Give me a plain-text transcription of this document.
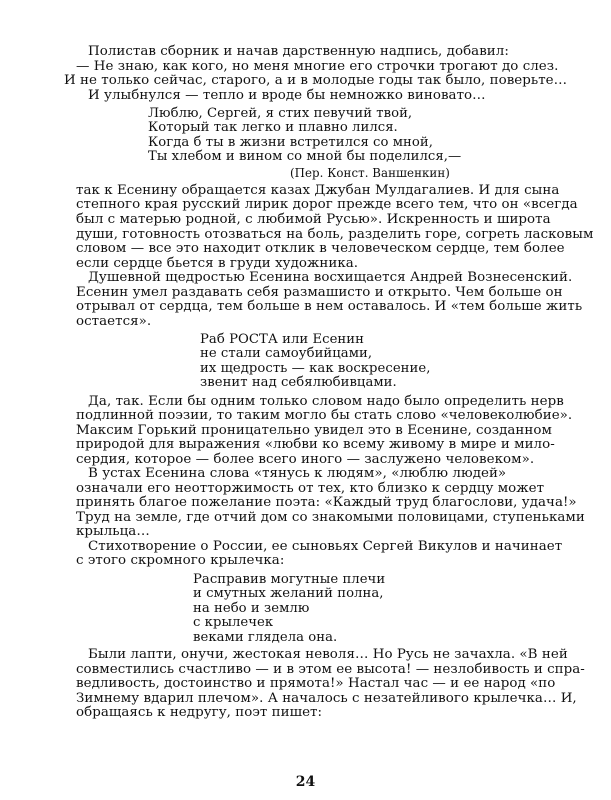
Полистав сборник и начав дарственную надпись, добавил:
— Не знаю, как кого, но меня многие его строчки трогают до слез.
И не только сейчас, старого, а и в молодые годы так было, поверьте…
И улыбнулся — тепло и вроде бы немножко виновато…
Люблю, Сергей, я стих певучий твой,
Который так легко и плавно лился.
Когда б ты в жизни встретился со мной,
Ты хлебом и вином со мной бы поделился,—
(Пер. Конст. Ваншенкин)
так к Есенину обращается казах Джубан Мулдагалиев. И для сына
степного края русский лирик дорог прежде всего тем, что он «всегда
был с матерью родной, с любимой Русью». Искренность и широта
души, готовность отозваться на боль, разделить горе, согреть ласковым
словом — все это находит отклик в человеческом сердце, тем более
если сердце бьется в груди художника.
Душевной щедростью Есенина восхищается Андрей Вознесенский.
Есенин умел раздавать себя размашисто и открыто. Чем больше он
отрывал от сердца, тем больше в нем оставалось. И «тем больше жить
остается».
Раб РОСТА или Есенин
не стали самоубийцами,
их щедрость — как воскресение,
звенит над себялюбивцами.
Да, так. Если бы одним только словом надо было определить нерв
подлинной поэзии, то таким могло бы стать слово «человеколюбие».
Максим Горький проницательно увидел это в Есенине, созданном
природой для выражения «любви ко всему живому в мире и мило-
сердия, которое — более всего иного — заслужено человеком».
В устах Есенина слова «тянусь к людям», «люблю людей»
означали его неотторжимость от тех, кто близко к сердцу может
принять благое пожелание поэта: «Каждый труд благослови, удача!»
Труд на земле, где отчий дом со знакомыми половицами, ступеньками
крыльца…
Стихотворение о России, ее сыновьях Сергей Викулов и начинает
с этого скромного крылечка:
Расправив могутные плечи
и смутных желаний полна,
на небо и землю
с крылечек
веками глядела она.
Были лапти, онучи, жестокая неволя… Но Русь не зачахла. «В ней
совместились счастливо — и в этом ее высота! — незлобивость и спра-
ведливость, достоинство и прямота!» Настал час — и ее народ «по
Зимнему вдарил плечом». А началось с незатейливого крылечка… И,
обращаясь к недругу, поэт пишет:
24
